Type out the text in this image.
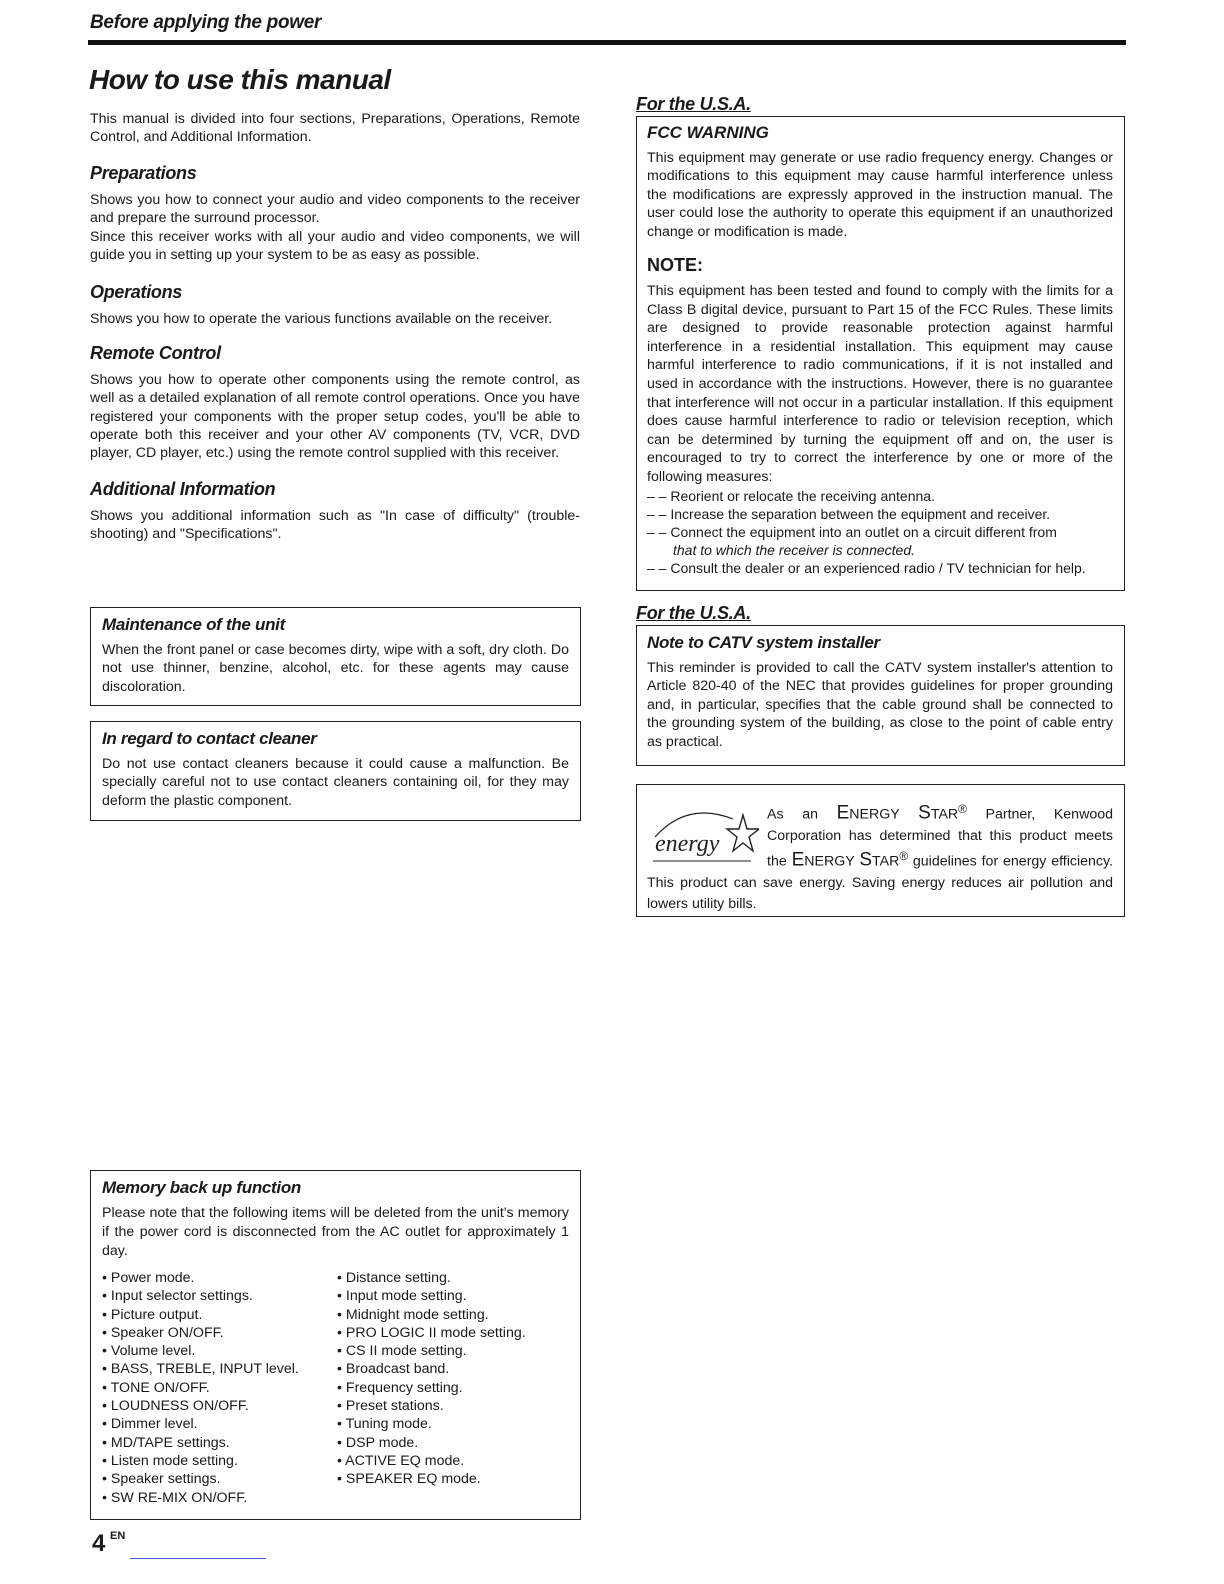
Before applying the power
How to use this manual

This manual is divided into four sections, Preparations, Operations, Remote Control, and Additional Information.

Preparations

Shows you how to connect your audio and video components to the receiver and prepare the surround processor.

Since this receiver works with all your audio and video components, we will guide you in setting up your system to be as easy as possible.

Operations

Shows you how to operate the various functions available on the receiver.

Remote Control

Shows you how to operate other components using the remote control, as well as a detailed explanation of all remote control operations. Once you have registered your components with the proper setup codes, you'll be able to operate both this receiver and your other AV components (TV, VCR, DVD player, CD player, etc.) using the remote control supplied with this receiver.

Additional Information

Shows you additional information such as "In case of difficulty" (trouble-shooting) and "Specifications".

Maintenance of the unit

When the front panel or case becomes dirty, wipe with a soft, dry cloth. Do not use thinner, benzine, alcohol, etc. for these agents may cause discoloration.

In regard to contact cleaner

Do not use contact cleaners because it could cause a malfunction. Be specially careful not to use contact cleaners containing oil, for they may deform the plastic component.

Memory back up function

Please note that the following items will be deleted from the unit's memory if the power cord is disconnected from the AC outlet for approximately 1 day.

• Power mode.
• Input selector settings.
• Picture output.
• Speaker ON/OFF.
• Volume level.
• BASS, TREBLE, INPUT level.
• TONE ON/OFF.
• LOUDNESS ON/OFF.
• Dimmer level.
• MD/TAPE settings.
• Listen mode setting.
• Speaker settings.
• SW RE-MIX ON/OFF.
• Distance setting.
• Input mode setting.
• Midnight mode setting.
• PRO LOGIC II mode setting.
• CS II mode setting.
• Broadcast band.
• Frequency setting.
• Preset stations.
• Tuning mode.
• DSP mode.
• ACTIVE EQ mode.
• SPEAKER EQ mode.
For the U.S.A.

FCC WARNING

This equipment may generate or use radio frequency energy. Changes or modifications to this equipment may cause harmful interference unless the modifications are expressly approved in the instruction manual. The user could lose the authority to operate this equipment if an unauthorized change or modification is made.

NOTE:

This equipment has been tested and found to comply with the limits for a Class B digital device, pursuant to Part 15 of the FCC Rules. These limits are designed to provide reasonable protection against harmful interference in a residential installation. This equipment may cause harmful interference to radio communications, if it is not installed and used in accordance with the instructions. However, there is no guarantee that interference will not occur in a particular installation. If this equipment does cause harmful interference to radio or television reception, which can be determined by turning the equipment off and on, the user is encouraged to try to correct the interference by one or more of the following measures:

– – Reorient or relocate the receiving antenna.
– – Increase the separation between the equipment and receiver.
– – Connect the equipment into an outlet on a circuit different from
that to which the receiver is connected.
– – Consult the dealer or an experienced radio / TV technician for help.
For the U.S.A.

Note to CATV system installer

This reminder is provided to call the CATV system installer's attention to Article 820-40 of the NEC that provides guidelines for proper grounding and, in particular, specifies that the cable ground shall be connected to the grounding system of the building, as close to the point of cable entry as practical.

energy

As an ENERGY STAR® Partner, Kenwood Corporation has determined that this product meets the ENERGY STAR® guidelines for energy efficiency. This product can save energy. Saving energy reduces air pollution and lowers utility bills.

4 EN
